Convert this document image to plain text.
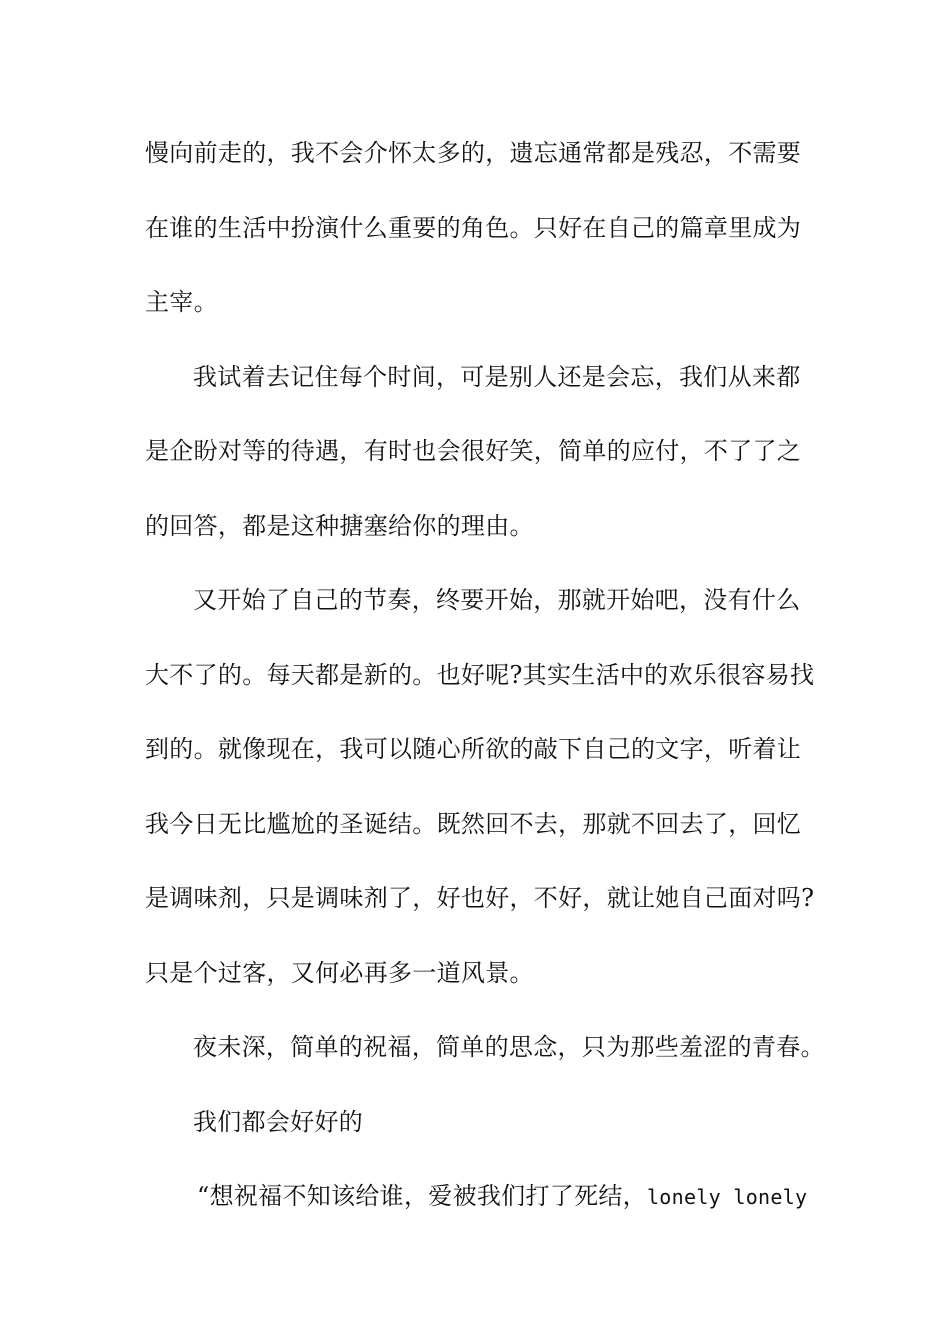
慢向前走的，我不会介怀太多的，遗忘通常都是残忍，不需要
在谁的生活中扮演什么重要的角色。只好在自己的篇章里成为
主宰。
我试着去记住每个时间，可是别人还是会忘，我们从来都
是企盼对等的待遇，有时也会很好笑，简单的应付，不了了之
的回答，都是这种搪塞给你的理由。
又开始了自己的节奏，终要开始，那就开始吧，没有什么
大不了的。每天都是新的。也好呢?其实生活中的欢乐很容易找
到的。就像现在，我可以随心所欲的敲下自己的文字，听着让
我今日无比尴尬的圣诞结。既然回不去，那就不回去了，回忆
是调味剂，只是调味剂了，好也好，不好，就让她自己面对吗?
只是个过客，又何必再多一道风景。
夜未深，简单的祝福，简单的思念，只为那些羞涩的青春。
我们都会好好的
“想祝福不知该给谁，爱被我们打了死结，lonely lonely
